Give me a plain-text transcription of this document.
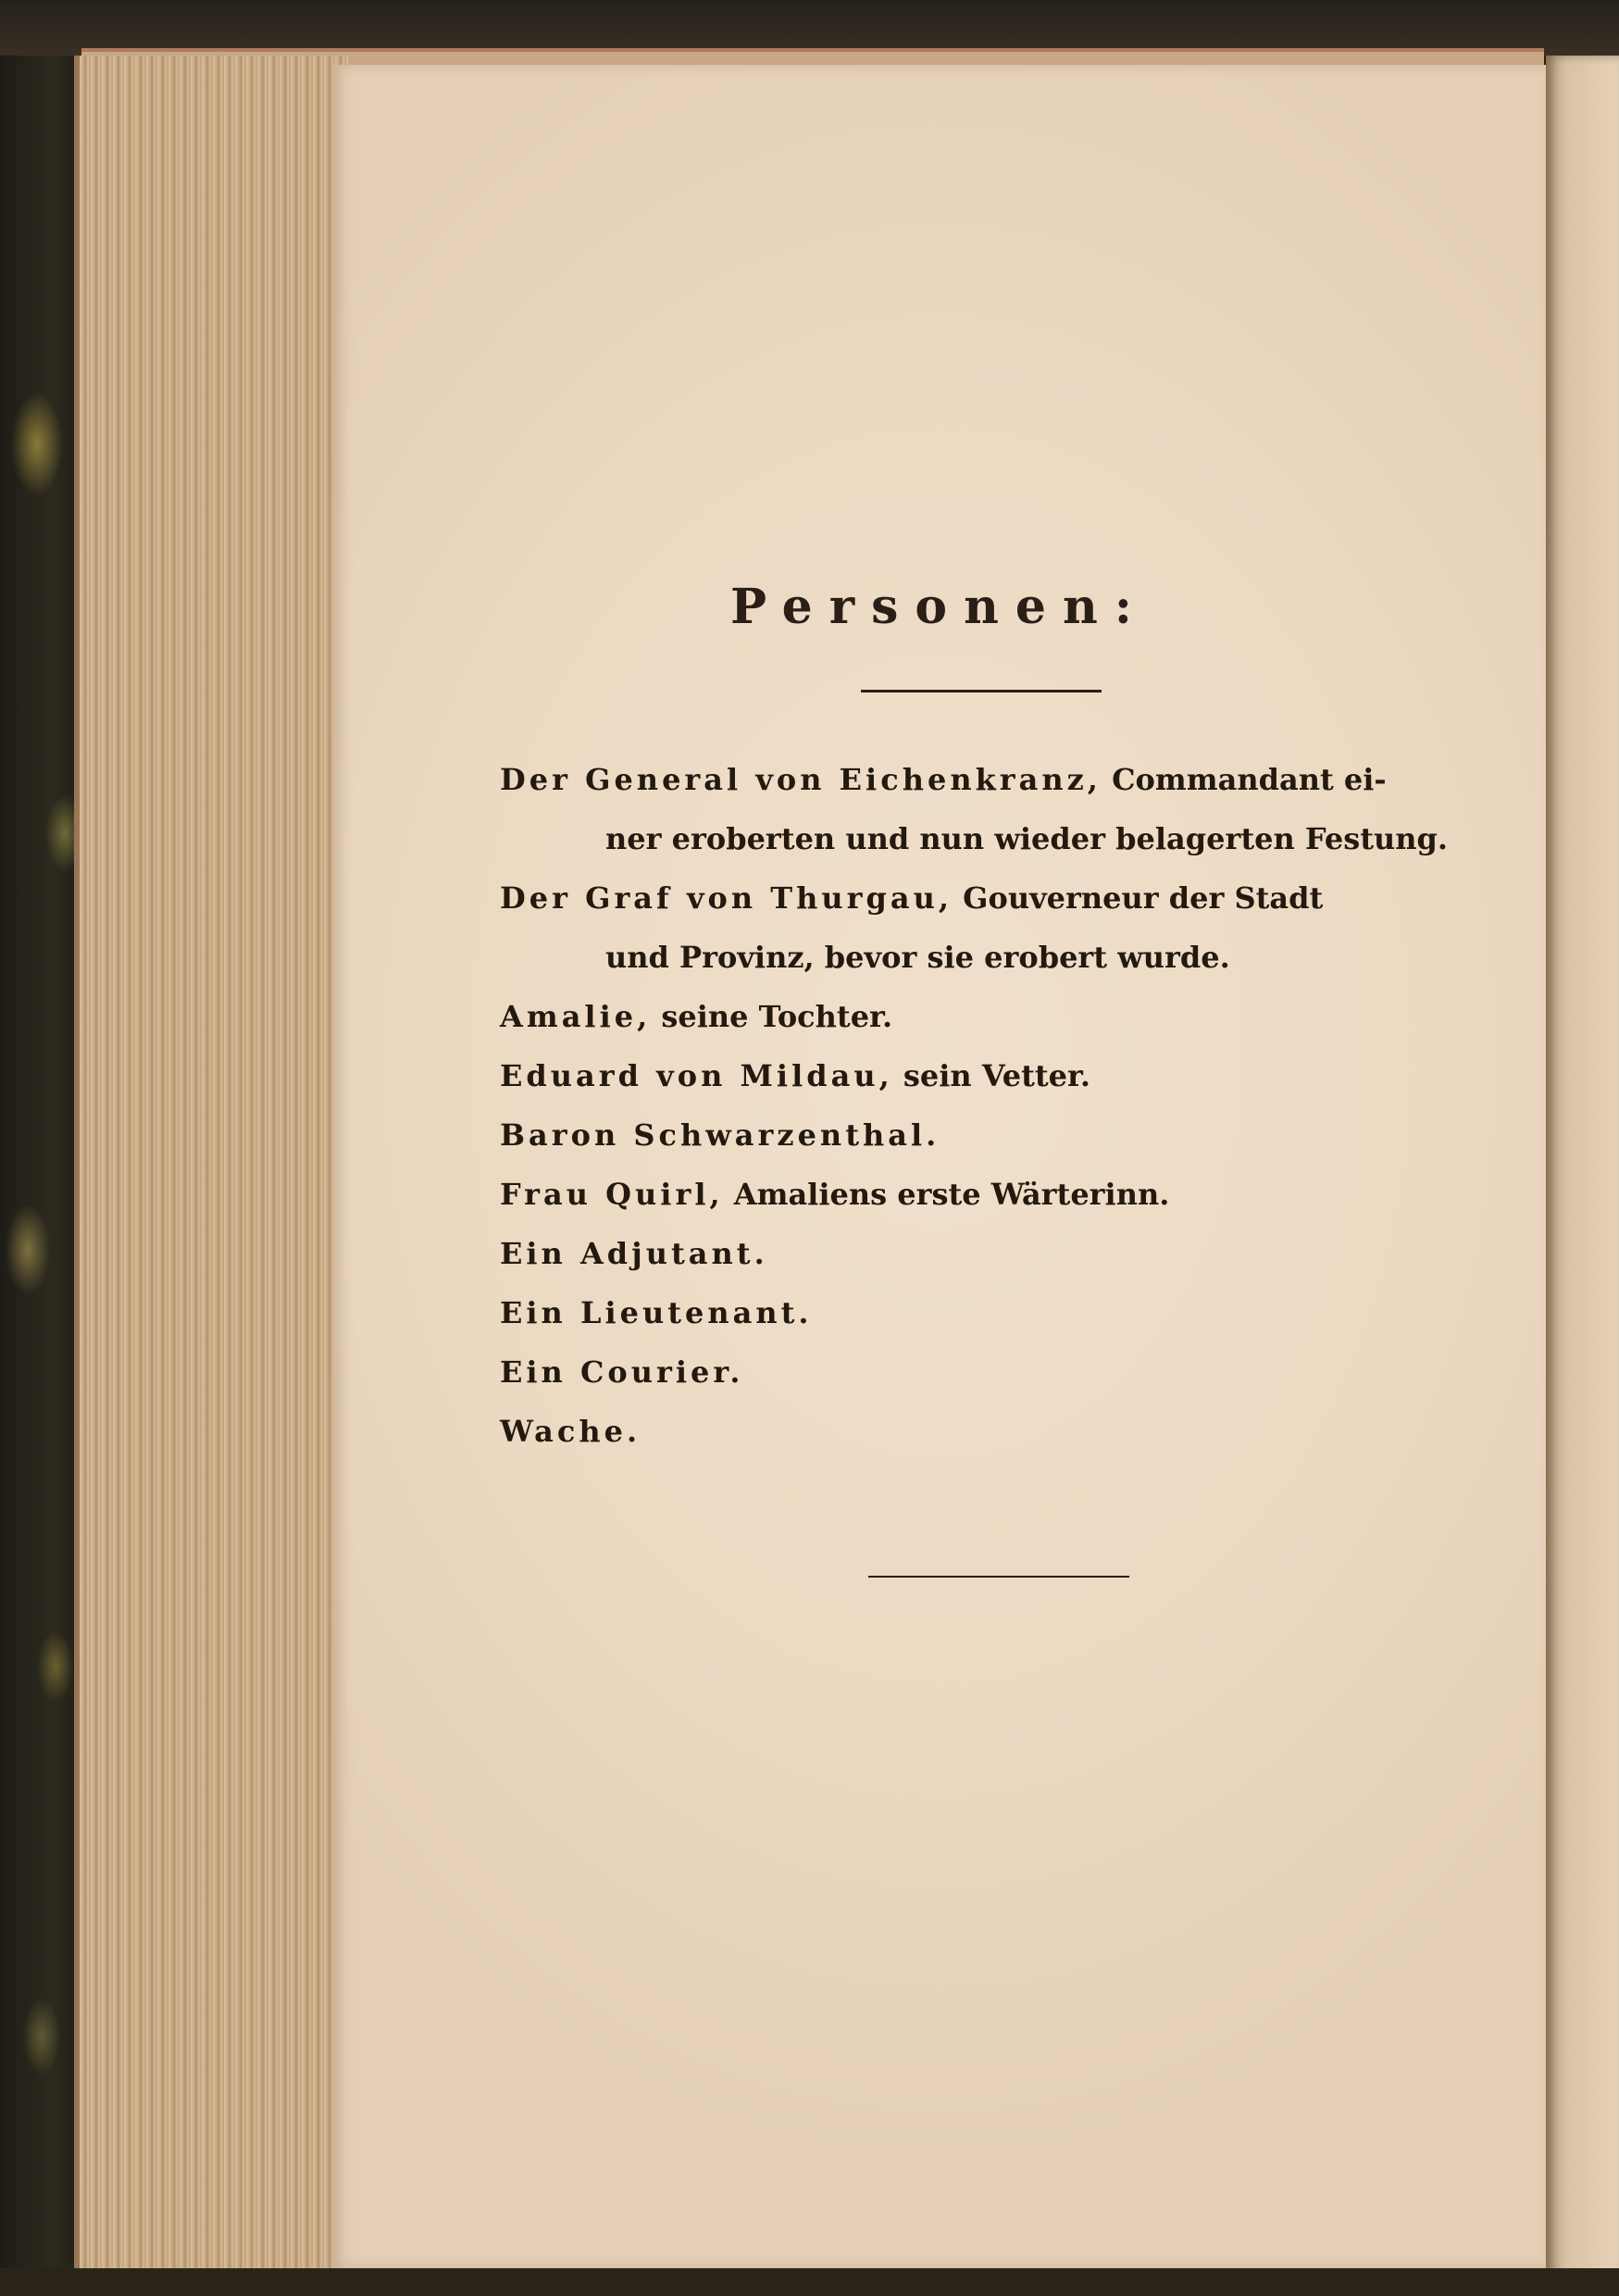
Personen:
Der General von Eichenkranz, Commandant ei-
ner eroberten und nun wieder belagerten Festung.
Der Graf von Thurgau, Gouverneur der Stadt
und Provinz, bevor sie erobert wurde.
Amalie, seine Tochter.
Eduard von Mildau, sein Vetter.
Baron Schwarzenthal.
Frau Quirl, Amaliens erste Wärterinn.
Ein Adjutant.
Ein Lieutenant.
Ein Courier.
Wache.
